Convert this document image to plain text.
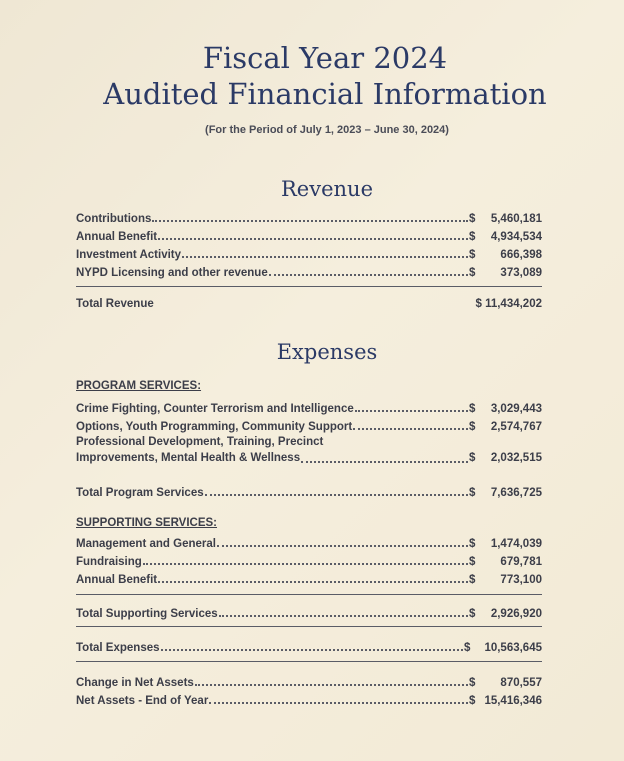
Fiscal Year 2024
Audited Financial Information
(For the Period of July 1, 2023 – June 30, 2024)
Revenue
Contributions	$ 5,460,181
Annual Benefit	$ 4,934,534
Investment Activity	$ 666,398
NYPD Licensing and other revenue	$ 373,089
Total Revenue	$ 11,434,202
Expenses
PROGRAM SERVICES:
Crime Fighting, Counter Terrorism and Intelligence	$ 3,029,443
Options, Youth Programming, Community Support	$ 2,574,767
Professional Development, Training, Precinct
Improvements, Mental Health & Wellness	$ 2,032,515
Total Program Services	$ 7,636,725
SUPPORTING SERVICES:
Management and General	$ 1,474,039
Fundraising	$ 679,781
Annual Benefit	$ 773,100
Total Supporting Services	$ 2,926,920
Total Expenses	$ 10,563,645
Change in Net Assets	$ 870,557
Net Assets - End of Year	$ 15,416,346
